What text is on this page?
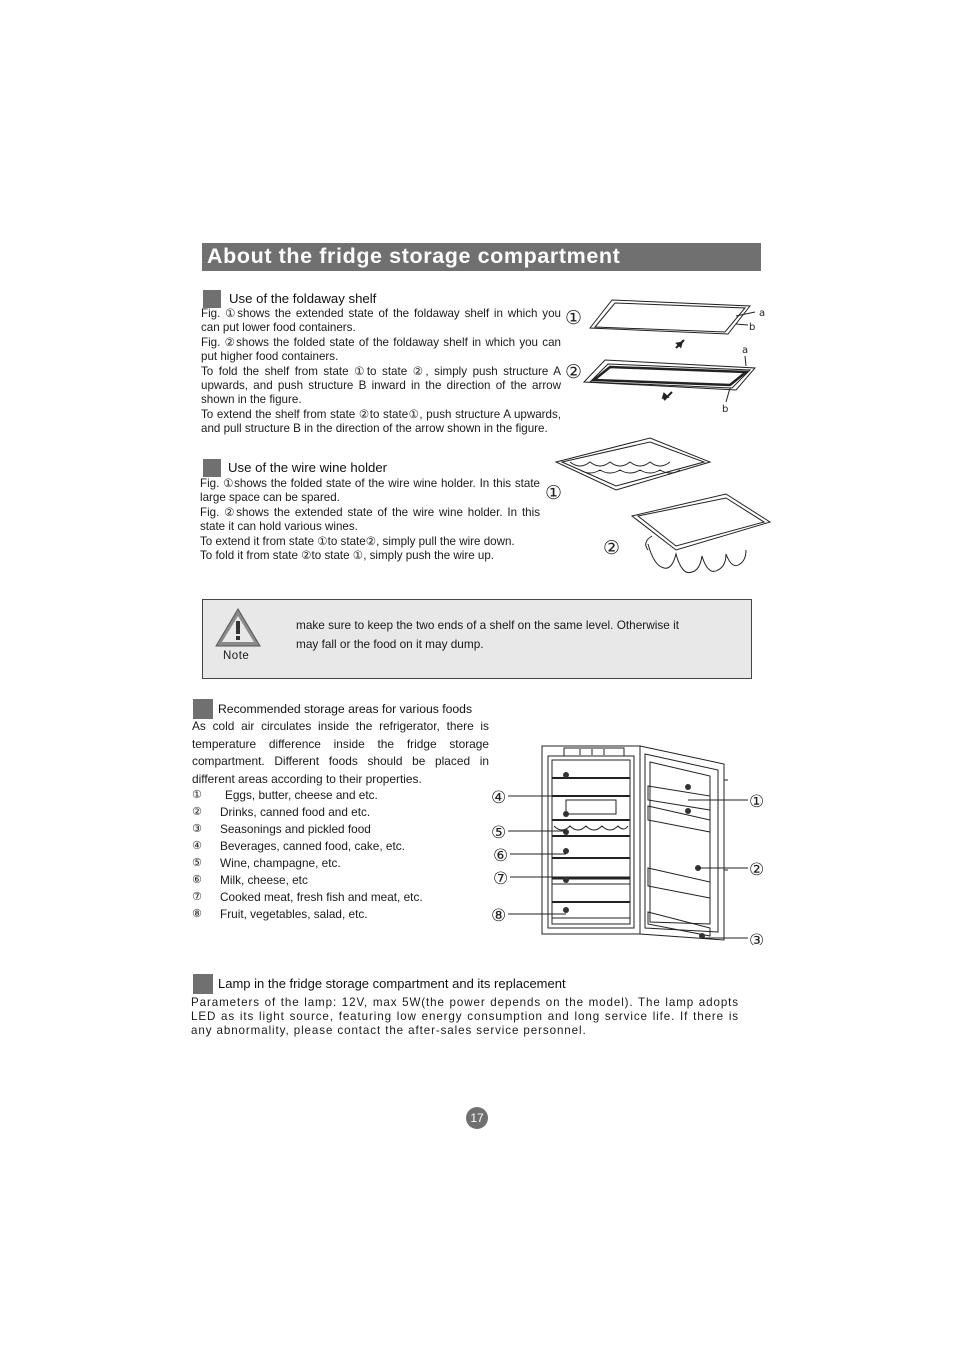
About the fridge storage compartment
Use of the foldaway shelf

Fig. ①shows the extended state of the foldaway shelf in which you can put lower food containers.

Fig. ②shows the folded state of the foldaway shelf in which you can put higher food containers.

To fold the shelf from state ①to state ②, simply push structure A upwards, and push structure B inward in the direction of the arrow shown in the figure.

To extend the shelf from state ②to state①, push structure A upwards, and pull structure B in the direction of the arrow shown in the figure.

①
②
a
b
a
b
Use of the wire wine holder

Fig. ①shows the folded state of the wire wine holder. In this state large space can be spared.

Fig. ②shows the extended state of the wire wine holder. In this state it can hold various wines.

To extend it from state ①to state②, simply pull the wire down.

To fold it from state ②to state ①, simply push the wire up.

①
②
Note
make sure to keep the two ends of a shelf on the same level. Otherwise it may fall or the food on it may dump.
Recommended storage areas for various foods
As cold air circulates inside the refrigerator, there is temperature difference inside the fridge storage compartment. Different foods should be placed in different areas according to their properties.
① Eggs, butter, cheese and etc.
② Drinks, canned food and etc.
③ Seasonings and pickled food
④ Beverages, canned food, cake, etc.
⑤ Wine, champagne, etc.
⑥ Milk, cheese, etc
⑦ Cooked meat, fresh fish and meat, etc.
⑧ Fruit, vegetables, salad, etc.
④
⑤
⑥
⑦
⑧
①
②
③
Lamp in the fridge storage compartment and its replacement
Parameters of the lamp: 12V, max 5W(the power depends on the model). The lamp adopts LED as its light source, featuring low energy consumption and long service life. If there is any abnormality, please contact the after-sales service personnel.
17
